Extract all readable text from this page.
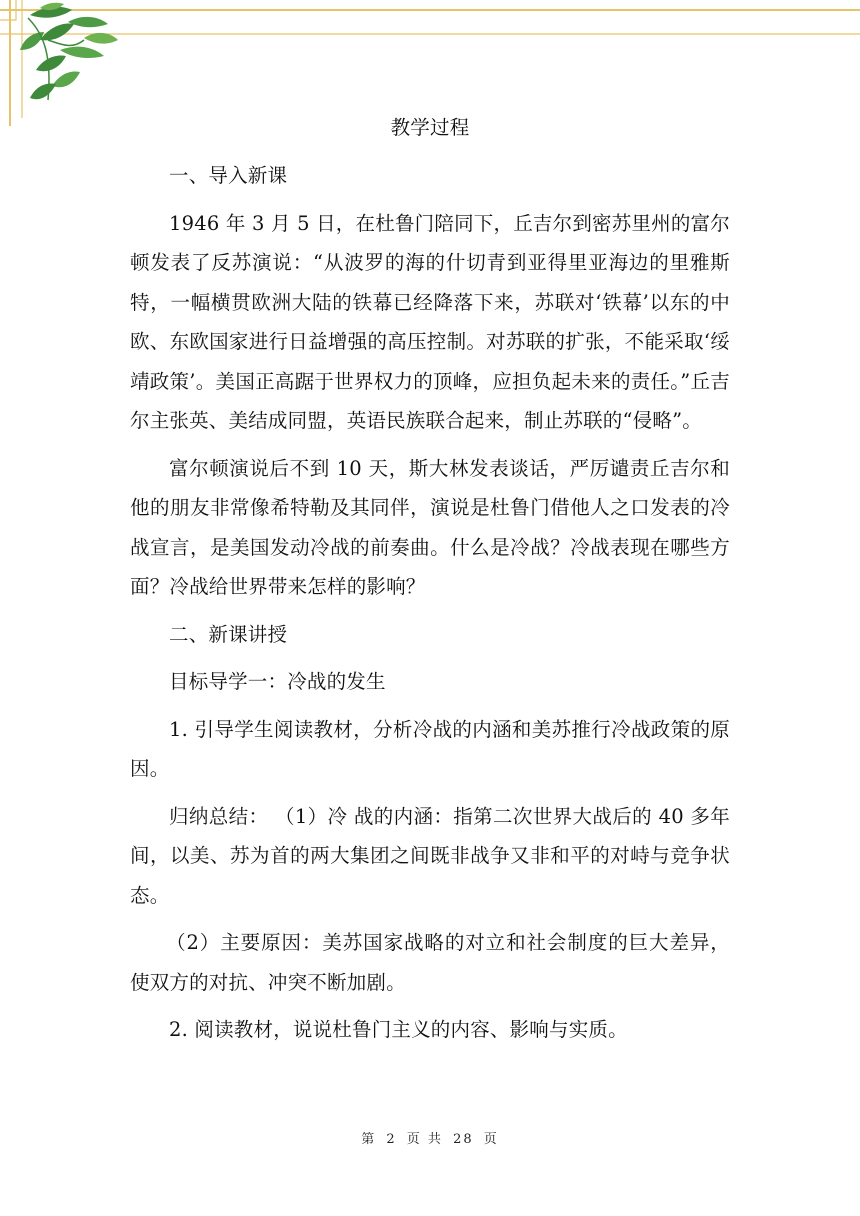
教学过程

一、导入新课

1946 年 3 月 5 日，在杜鲁门陪同下，丘吉尔到密苏里州的富尔顿发表了反苏演说：“从波罗的海的什切青到亚得里亚海边的里雅斯特，一幅横贯欧洲大陆的铁幕已经降落下来，苏联对‘铁幕’以东的中欧、东欧国家进行日益增强的高压控制。对苏联的扩张，不能采取‘绥靖政策’。美国正高踞于世界权力的顶峰，应担负起未来的责任。”丘吉尔主张英、美结成同盟，英语民族联合起来，制止苏联的“侵略”。

富尔顿演说后不到 10 天，斯大林发表谈话，严厉谴责丘吉尔和他的朋友非常像希特勒及其同伴，演说是杜鲁门借他人之口发表的冷战宣言，是美国发动冷战的前奏曲。什么是冷战？冷战表现在哪些方面？冷战给世界带来怎样的影响？

二、新课讲授

目标导学一：冷战的发生

1. 引导学生阅读教材，分析冷战的内涵和美苏推行冷战政策的原因。

归纳总结： （1）冷 战的内涵：指第二次世界大战后的 40 多年间，以美、苏为首的两大集团之间既非战争又非和平的对峙与竞争状态。

（2）主要原因：美苏国家战略的对立和社会制度的巨大差异，使双方的对抗、冲突不断加剧。

2. 阅读教材，说说杜鲁门主义的内容、影响与实质。

第 2 页 共 28 页
